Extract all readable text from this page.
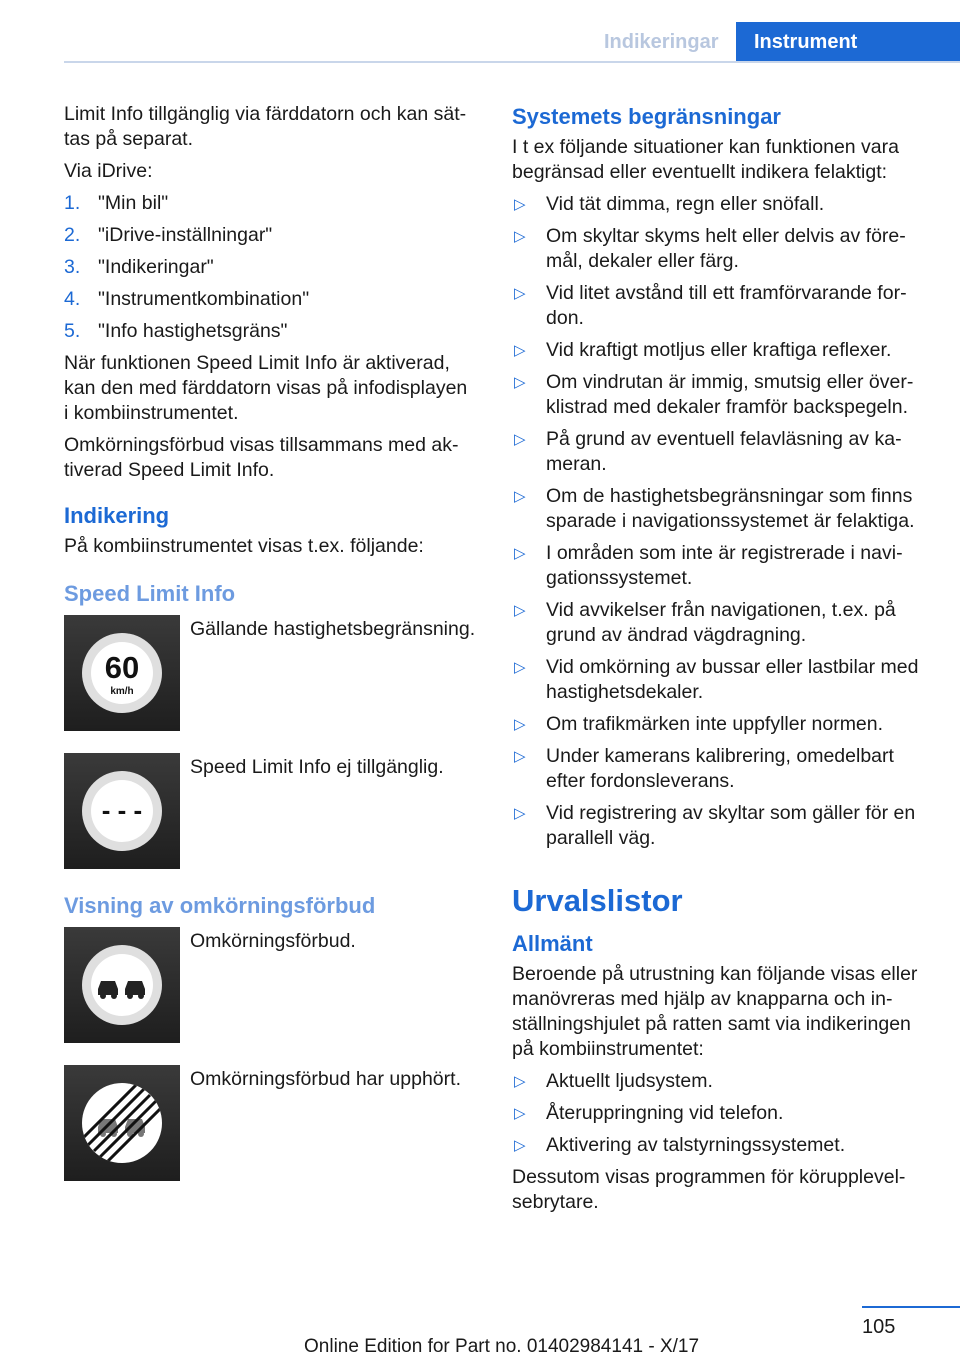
Indikeringar	Instrument

Limit Info tillgänglig via färddatorn och kan sättas på separat.

Via iDrive:

1. "Min bil"
2. "iDrive-inställningar"
3. "Indikeringar"
4. "Instrumentkombination"
5. "Info hastighetsgräns"

När funktionen Speed Limit Info är aktiverad, kan den med färddatorn visas på infodisplayen i kombiinstrumentet.

Omkörningsförbud visas tillsammans med aktiverad Speed Limit Info.

Indikering

På kombiinstrumentet visas t.ex. följande:

Speed Limit Info
60
km/h
Gällande hastighetsbegränsning.
- - -
Speed Limit Info ej tillgänglig.
Visning av omkörningsförbud
Omkörningsförbud.
Omkörningsförbud har upphört.
Systemets begränsningar

I t ex följande situationer kan funktionen vara begränsad eller eventuellt indikera felaktigt:

▷ Vid tät dimma, regn eller snöfall.
▷ Om skyltar skyms helt eller delvis av föremål, dekaler eller färg.
▷ Vid litet avstånd till ett framförvarande fordon.
▷ Vid kraftigt motljus eller kraftiga reflexer.
▷ Om vindrutan är immig, smutsig eller överklistrad med dekaler framför backspegeln.
▷ På grund av eventuell felavläsning av kameran.
▷ Om de hastighetsbegränsningar som finns sparade i navigationssystemet är felaktiga.
▷ I områden som inte är registrerade i navigationssystemet.
▷ Vid avvikelser från navigationen, t.ex. på grund av ändrad vägdragning.
▷ Vid omkörning av bussar eller lastbilar med hastighetsdekaler.
▷ Om trafikmärken inte uppfyller normen.
▷ Under kamerans kalibrering, omedelbart efter fordonsleverans.
▷ Vid registrering av skyltar som gäller för en parallell väg.
Urvalslistor
Allmänt

Beroende på utrustning kan följande visas eller manövreras med hjälp av knapparna och inställningshjulet på ratten samt via indikeringen på kombiinstrumentet:

▷ Aktuellt ljudsystem.
▷ Återuppringning vid telefon.
▷ Aktivering av talstyrningssystemet.

Dessutom visas programmen för körupplevelsebrytare.

105
Online Edition for Part no. 01402984141 - X/17
